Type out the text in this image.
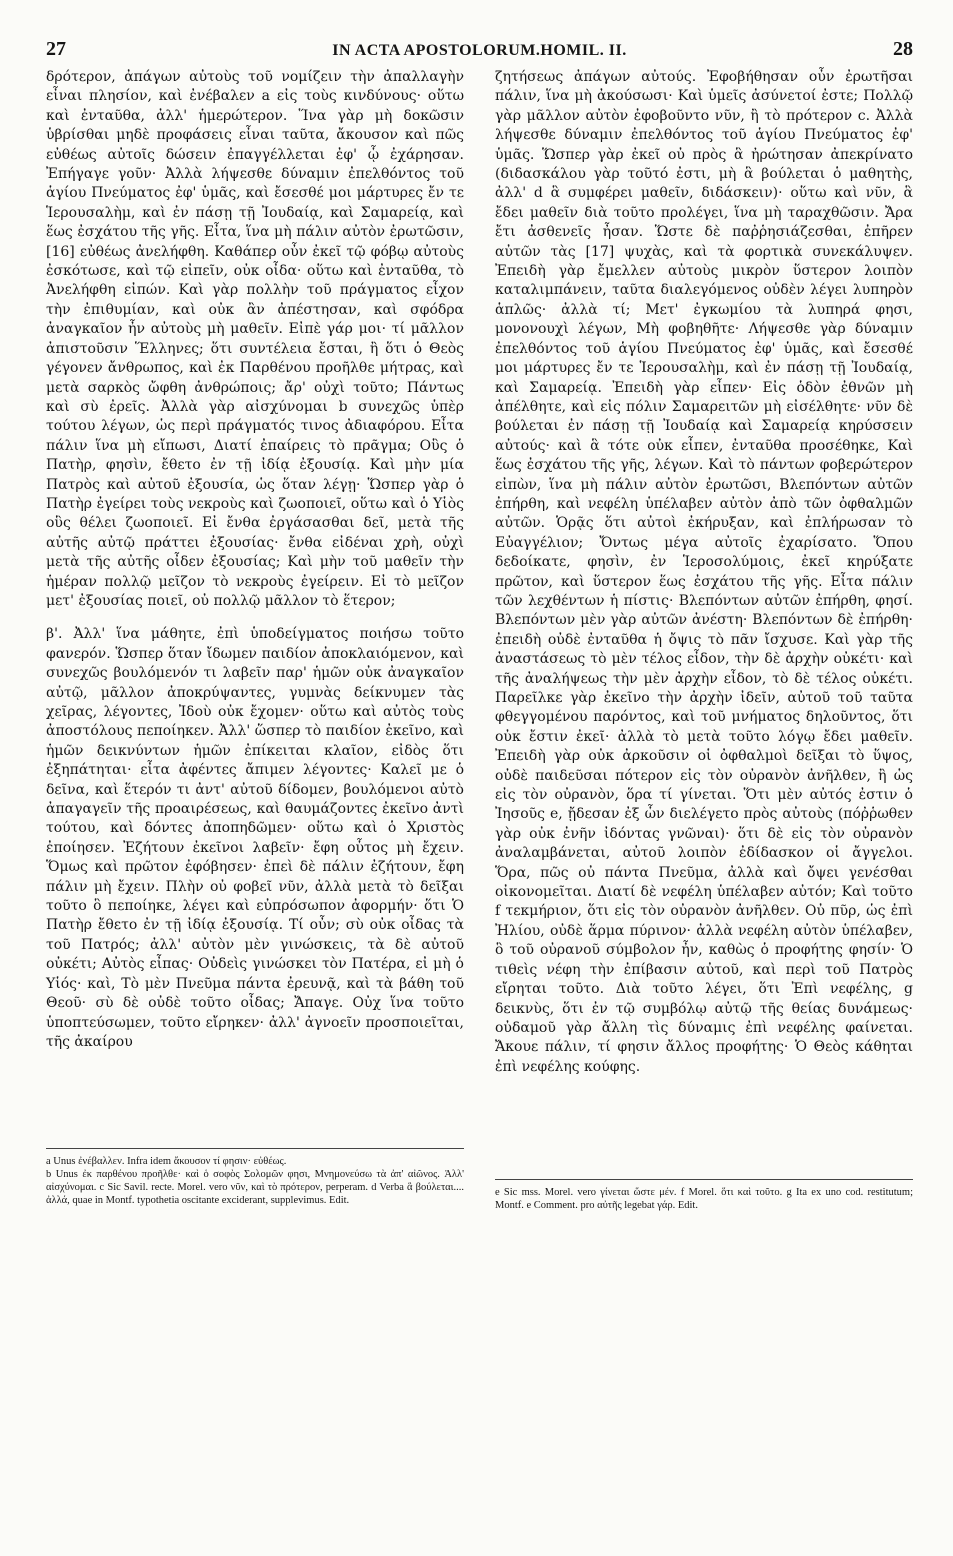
27	IN ACTA APOSTOLORUM.HOMIL. II.	28

δρότερον, ἀπάγων αὐτοὺς τοῦ νομίζειν τὴν ἀπαλλαγὴν εἶναι πλησίον, καὶ ἐνέβαλεν a εἰς τοὺς κινδύνους· οὕτω καὶ ἐνταῦθα, ἀλλ' ἡμερώτερον. Ἵνα γὰρ μὴ δοκῶσιν ὑβρίσθαι μηδὲ προφάσεις εἶναι ταῦτα, ἄκουσον καὶ πῶς εὐθέως αὐτοῖς δώσειν ἐπαγγέλλεται ἐφ' ᾧ ἐχάρησαν. Ἐπήγαγε γοῦν· Ἀλλὰ λήψεσθε δύναμιν ἐπελθόντος τοῦ ἁγίου Πνεύματος ἐφ' ὑμᾶς, καὶ ἔσεσθέ μοι μάρτυρες ἔν τε Ἱερουσαλὴμ, καὶ ἐν πάσῃ τῇ Ἰουδαίᾳ, καὶ Σαμαρείᾳ, καὶ ἕως ἐσχάτου τῆς γῆς. Εἶτα, ἵνα μὴ πάλιν αὐτὸν ἐρωτῶσιν, [16] εὐθέως ἀνελήφθη. Καθάπερ οὖν ἐκεῖ τῷ φόβῳ αὐτοὺς ἐσκότωσε, καὶ τῷ εἰπεῖν, οὐκ οἶδα· οὕτω καὶ ἐνταῦθα, τὸ Ἀνελήφθη εἰπών. Καὶ γὰρ πολλὴν τοῦ πράγματος εἶχον τὴν ἐπιθυμίαν, καὶ οὐκ ἂν ἀπέστησαν, καὶ σφόδρα ἀναγκαῖον ἦν αὐτοὺς μὴ μαθεῖν. Εἰπὲ γάρ μοι· τί μᾶλλον ἀπιστοῦσιν Ἕλληνες; ὅτι συντέλεια ἔσται, ἢ ὅτι ὁ Θεὸς γέγονεν ἄνθρωπος, καὶ ἐκ Παρθένου προῆλθε μήτρας, καὶ μετὰ σαρκὸς ὤφθη ἀνθρώποις; ἄρ' οὐχὶ τοῦτο; Πάντως καὶ σὺ ἐρεῖς. Ἀλλὰ γὰρ αἰσχύνομαι b συνεχῶς ὑπὲρ τούτου λέγων, ὡς περὶ πράγματός τινος ἀδιαφόρου. Εἶτα πάλιν ἵνα μὴ εἴπωσι, Διατί ἐπαίρεις τὸ πρᾶγμα; Οὓς ὁ Πατὴρ, φησὶν, ἔθετο ἐν τῇ ἰδίᾳ ἐξουσίᾳ. Καὶ μὴν μία Πατρὸς καὶ αὐτοῦ ἐξουσία, ὡς ὅταν λέγῃ· Ὥσπερ γὰρ ὁ Πατὴρ ἐγείρει τοὺς νεκροὺς καὶ ζωοποιεῖ, οὕτω καὶ ὁ Υἱὸς οὓς θέλει ζωοποιεῖ. Εἰ ἔνθα ἐργάσασθαι δεῖ, μετὰ τῆς αὐτῆς αὐτῷ πράττει ἐξουσίας· ἔνθα εἰδέναι χρὴ, οὐχὶ μετὰ τῆς αὐτῆς οἶδεν ἐξουσίας; Καὶ μὴν τοῦ μαθεῖν τὴν ἡμέραν πολλῷ μεῖζον τὸ νεκροὺς ἐγείρειν. Εἰ τὸ μεῖζον μετ' ἐξουσίας ποιεῖ, οὐ πολλῷ μᾶλλον τὸ ἕτερον;

β'. Ἀλλ' ἵνα μάθητε, ἐπὶ ὑποδείγματος ποιήσω τοῦτο φανερόν. Ὥσπερ ὅταν ἴδωμεν παιδίον ἀποκλαιόμενον, καὶ συνεχῶς βουλόμενόν τι λαβεῖν παρ' ἡμῶν οὐκ ἀναγκαῖον αὐτῷ, μᾶλλον ἀποκρύψαντες, γυμνὰς δείκνυμεν τὰς χεῖρας, λέγοντες, Ἰδοὺ οὐκ ἔχομεν· οὕτω καὶ αὐτὸς τοὺς ἀποστόλους πεποίηκεν. Ἀλλ' ὥσπερ τὸ παιδίον ἐκεῖνο, καὶ ἡμῶν δεικνύντων ἡμῶν ἐπίκειται κλαῖον, εἰδὸς ὅτι ἐξηπάτηται· εἶτα ἀφέντες ἄπιμεν λέγοντες· Καλεῖ με ὁ δεῖνα, καὶ ἕτερόν τι ἀντ' αὐτοῦ δίδομεν, βουλόμενοι αὐτὸ ἀπαγαγεῖν τῆς προαιρέσεως, καὶ θαυμάζοντες ἐκεῖνο ἀντὶ τούτου, καὶ δόντες ἀποπηδῶμεν· οὕτω καὶ ὁ Χριστὸς ἐποίησεν. Ἐζήτουν ἐκεῖνοι λαβεῖν· ἔφη οὗτος μὴ ἔχειν. Ὅμως καὶ πρῶτον ἐφόβησεν· ἐπεὶ δὲ πάλιν ἐζήτουν, ἔφη πάλιν μὴ ἔχειν. Πλὴν οὐ φοβεῖ νῦν, ἀλλὰ μετὰ τὸ δεῖξαι τοῦτο ὃ πεποίηκε, λέγει καὶ εὐπρόσωπον ἀφορμήν· ὅτι Ὁ Πατὴρ ἔθετο ἐν τῇ ἰδίᾳ ἐξουσίᾳ. Τί οὖν; σὺ οὐκ οἶδας τὰ τοῦ Πατρός; ἀλλ' αὐτὸν μὲν γινώσκεις, τὰ δὲ αὐτοῦ οὐκέτι; Αὐτὸς εἶπας· Οὐδεὶς γινώσκει τὸν Πατέρα, εἰ μὴ ὁ Υἱός· καὶ, Τὸ μὲν Πνεῦμα πάντα ἐρευνᾷ, καὶ τὰ βάθη τοῦ Θεοῦ· σὺ δὲ οὐδὲ τοῦτο οἶδας; Ἄπαγε. Οὐχ ἵνα τοῦτο ὑποπτεύσωμεν, τοῦτο εἴρηκεν· ἀλλ' ἀγνοεῖν προσποιεῖται, τῆς ἀκαίρου

a Unus ἐνέβαλλεν. Infra idem ἄκουσον τί φησιν· εὐθέως.

b Unus ἐκ παρθένου προῆλθε· καὶ ὁ σοφὸς Σολομῶν φησι, Μνημονεύσω τὰ ἀπ' αἰῶνος. Ἀλλ' αἰσχύνομαι. c Sic Savil. recte. Morel. vero νῦν, καὶ τὸ πρότερον, perperam. d Verba ἃ βούλεται.... ἀλλά, quae in Montf. typothetia oscitante exciderant, supplevimus. Edit.

ζητήσεως ἀπάγων αὐτούς. Ἐφοβήθησαν οὖν ἐρωτῆσαι πάλιν, ἵνα μὴ ἀκούσωσι· Καὶ ὑμεῖς ἀσύνετοί ἐστε; Πολλῷ γὰρ μᾶλλον αὐτὸν ἐφοβοῦντο νῦν, ἢ τὸ πρότερον c. Ἀλλὰ λήψεσθε δύναμιν ἐπελθόντος τοῦ ἁγίου Πνεύματος ἐφ' ὑμᾶς. Ὥσπερ γὰρ ἐκεῖ οὐ πρὸς ἃ ἠρώτησαν ἀπεκρίνατο (διδασκάλου γὰρ τοῦτό ἐστι, μὴ ἃ βούλεται ὁ μαθητὴς, ἀλλ' d ἃ συμφέρει μαθεῖν, διδάσκειν)· οὕτω καὶ νῦν, ἃ ἔδει μαθεῖν διὰ τοῦτο προλέγει, ἵνα μὴ ταραχθῶσιν. Ἄρα ἔτι ἀσθενεῖς ἦσαν. Ὥστε δὲ παῤῥησιάζεσθαι, ἐπῆρεν αὐτῶν τὰς [17] ψυχὰς, καὶ τὰ φορτικὰ συνεκάλυψεν. Ἐπειδὴ γὰρ ἔμελλεν αὐτοὺς μικρὸν ὕστερον λοιπὸν καταλιμπάνειν, ταῦτα διαλεγόμενος οὐδὲν λέγει λυπηρὸν ἁπλῶς· ἀλλὰ τί; Μετ' ἐγκωμίου τὰ λυπηρά φησι, μονονουχὶ λέγων, Μὴ φοβηθῆτε· Λήψεσθε γὰρ δύναμιν ἐπελθόντος τοῦ ἁγίου Πνεύματος ἐφ' ὑμᾶς, καὶ ἔσεσθέ μοι μάρτυρες ἔν τε Ἱερουσαλὴμ, καὶ ἐν πάσῃ τῇ Ἰουδαίᾳ, καὶ Σαμαρείᾳ. Ἐπειδὴ γὰρ εἶπεν· Εἰς ὁδὸν ἐθνῶν μὴ ἀπέλθητε, καὶ εἰς πόλιν Σαμαρειτῶν μὴ εἰσέλθητε· νῦν δὲ βούλεται ἐν πάσῃ τῇ Ἰουδαίᾳ καὶ Σαμαρείᾳ κηρύσσειν αὐτούς· καὶ ἃ τότε οὐκ εἶπεν, ἐνταῦθα προσέθηκε, Καὶ ἕως ἐσχάτου τῆς γῆς, λέγων. Καὶ τὸ πάντων φοβερώτερον εἰπὼν, ἵνα μὴ πάλιν αὐτὸν ἐρωτῶσι, Βλεπόντων αὐτῶν ἐπήρθη, καὶ νεφέλη ὑπέλαβεν αὐτὸν ἀπὸ τῶν ὀφθαλμῶν αὐτῶν. Ὁρᾷς ὅτι αὐτοὶ ἐκήρυξαν, καὶ ἐπλήρωσαν τὸ Εὐαγγέλιον; Ὄντως μέγα αὐτοῖς ἐχαρίσατο. Ὅπου δεδοίκατε, φησὶν, ἐν Ἱεροσολύμοις, ἐκεῖ κηρύξατε πρῶτον, καὶ ὕστερον ἕως ἐσχάτου τῆς γῆς. Εἶτα πάλιν τῶν λεχθέντων ἡ πίστις· Βλεπόντων αὐτῶν ἐπήρθη, φησί. Βλεπόντων μὲν γὰρ αὐτῶν ἀνέστη· Βλεπόντων δὲ ἐπήρθη· ἐπειδὴ οὐδὲ ἐνταῦθα ἡ ὄψις τὸ πᾶν ἴσχυσε. Καὶ γὰρ τῆς ἀναστάσεως τὸ μὲν τέλος εἶδον, τὴν δὲ ἀρχὴν οὐκέτι· καὶ τῆς ἀναλήψεως τὴν μὲν ἀρχὴν εἶδον, τὸ δὲ τέλος οὐκέτι. Παρεῖλκε γὰρ ἐκεῖνο τὴν ἀρχὴν ἰδεῖν, αὐτοῦ τοῦ ταῦτα φθεγγομένου παρόντος, καὶ τοῦ μνήματος δηλοῦντος, ὅτι οὐκ ἔστιν ἐκεῖ· ἀλλὰ τὸ μετὰ τοῦτο λόγῳ ἔδει μαθεῖν. Ἐπειδὴ γὰρ οὐκ ἀρκοῦσιν οἱ ὀφθαλμοὶ δεῖξαι τὸ ὕψος, οὐδὲ παιδεῦσαι πότερον εἰς τὸν οὐρανὸν ἀνῆλθεν, ἢ ὡς εἰς τὸν οὐρανὸν, ὅρα τί γίνεται. Ὅτι μὲν αὐτός ἐστιν ὁ Ἰησοῦς e, ᾔδεσαν ἐξ ὧν διελέγετο πρὸς αὐτοὺς (πόῤῥωθεν γὰρ οὐκ ἐνῆν ἰδόντας γνῶναι)· ὅτι δὲ εἰς τὸν οὐρανὸν ἀναλαμβάνεται, αὐτοῦ λοιπὸν ἐδίδασκον οἱ ἄγγελοι. Ὅρα, πῶς οὐ πάντα Πνεῦμα, ἀλλὰ καὶ ὄψει γενέσθαι οἰκονομεῖται. Διατί δὲ νεφέλη ὑπέλαβεν αὐτόν; Καὶ τοῦτο f τεκμήριον, ὅτι εἰς τὸν οὐρανὸν ἀνῆλθεν. Οὐ πῦρ, ὡς ἐπὶ Ἠλίου, οὐδὲ ἅρμα πύρινον· ἀλλὰ νεφέλη αὐτὸν ὑπέλαβεν, ὃ τοῦ οὐρανοῦ σύμβολον ἦν, καθὼς ὁ προφήτης φησίν· Ὁ τιθεὶς νέφη τὴν ἐπίβασιν αὐτοῦ, καὶ περὶ τοῦ Πατρὸς εἴρηται τοῦτο. Διὰ τοῦτο λέγει, ὅτι Ἐπὶ νεφέλης, g δεικνὺς, ὅτι ἐν τῷ συμβόλῳ αὐτῷ τῆς θείας δυνάμεως· οὐδαμοῦ γὰρ ἄλλη τὶς δύναμις ἐπὶ νεφέλης φαίνεται. Ἄκουε πάλιν, τί φησιν ἄλλος προφήτης· Ὁ Θεὸς κάθηται ἐπὶ νεφέλης κούφης.

e Sic mss. Morel. vero γίνεται ὥστε μέν. f Morel. ὅτι καὶ τοῦτο. g Ita ex uno cod. restitutum; Montf. e Comment. pro αὐτῆς legebat γάρ. Edit.
